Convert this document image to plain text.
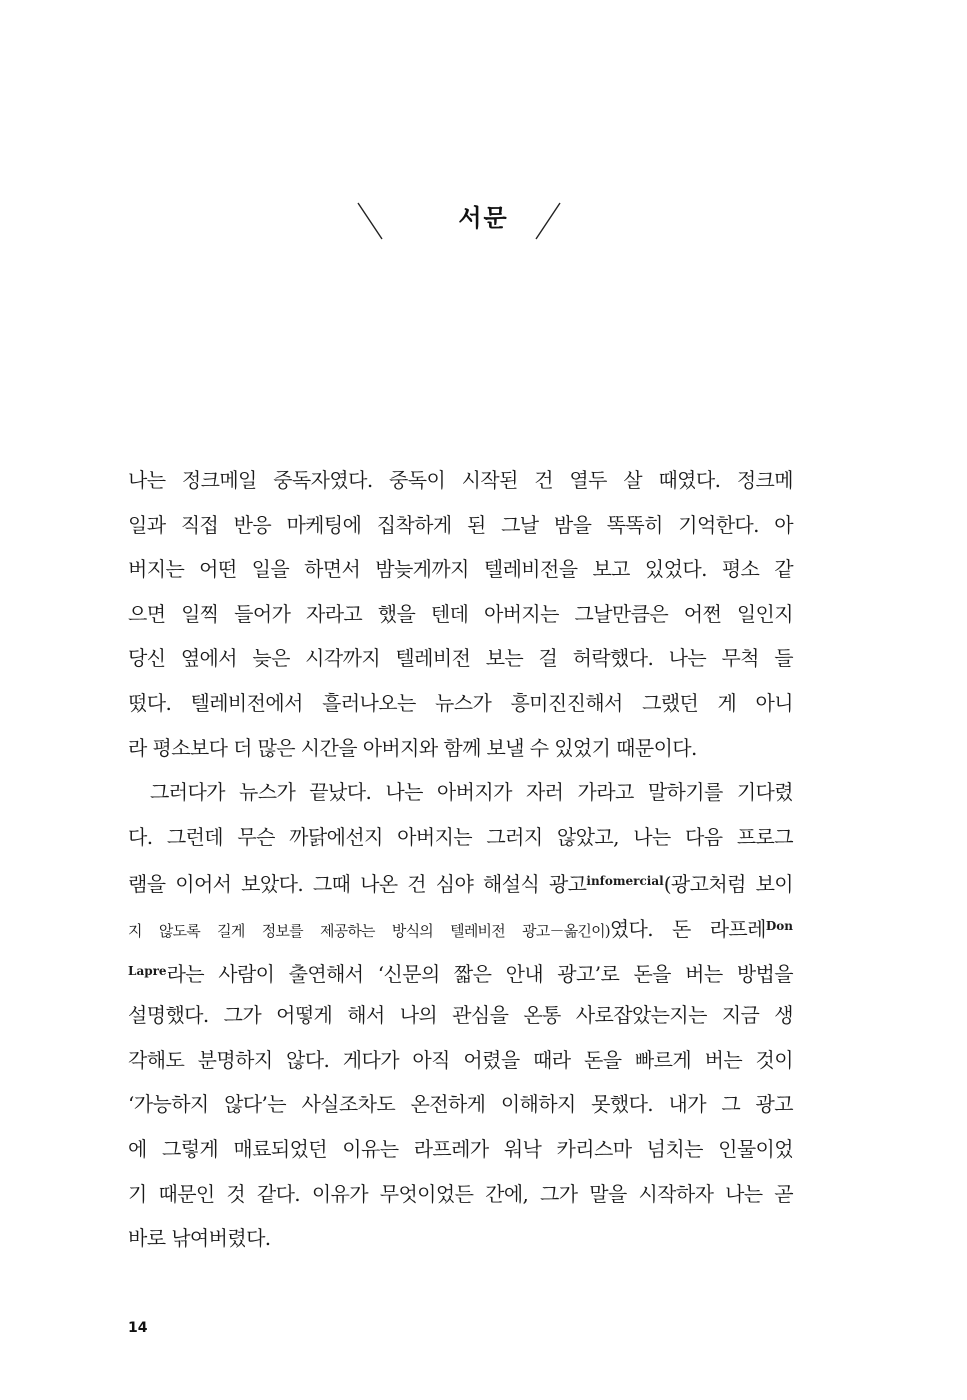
서문
나는 정크메일 중독자였다. 중독이 시작된 건 열두 살 때였다. 정크메
일과 직접 반응 마케팅에 집착하게 된 그날 밤을 똑똑히 기억한다. 아
버지는 어떤 일을 하면서 밤늦게까지 텔레비전을 보고 있었다. 평소 같
으면 일찍 들어가 자라고 했을 텐데 아버지는 그날만큼은 어쩐 일인지
당신 옆에서 늦은 시각까지 텔레비전 보는 걸 허락했다. 나는 무척 들
떴다. 텔레비전에서 흘러나오는 뉴스가 흥미진진해서 그랬던 게 아니
라 평소보다 더 많은 시간을 아버지와 함께 보낼 수 있었기 때문이다.
그러다가 뉴스가 끝났다. 나는 아버지가 자러 가라고 말하기를 기다렸
다. 그런데 무슨 까닭에선지 아버지는 그러지 않았고, 나는 다음 프로그
램을 이어서 보았다. 그때 나온 건 심야 해설식 광고$^{infomercial}$(광고처럼 보이
지 않도록 길게 정보를 제공하는 방식의 텔레비전 광고－옮긴이)였다. 돈 라프레$^{Don}$
$^{Lapre}$라는 사람이 출연해서 ‘신문의 짧은 안내 광고’로 돈을 버는 방법을
설명했다. 그가 어떻게 해서 나의 관심을 온통 사로잡았는지는 지금 생
각해도 분명하지 않다. 게다가 아직 어렸을 때라 돈을 빠르게 버는 것이
‘가능하지 않다’는 사실조차도 온전하게 이해하지 못했다. 내가 그 광고
에 그렇게 매료되었던 이유는 라프레가 워낙 카리스마 넘치는 인물이었
기 때문인 것 같다. 이유가 무엇이었든 간에, 그가 말을 시작하자 나는 곧
바로 낚여버렸다.
14
